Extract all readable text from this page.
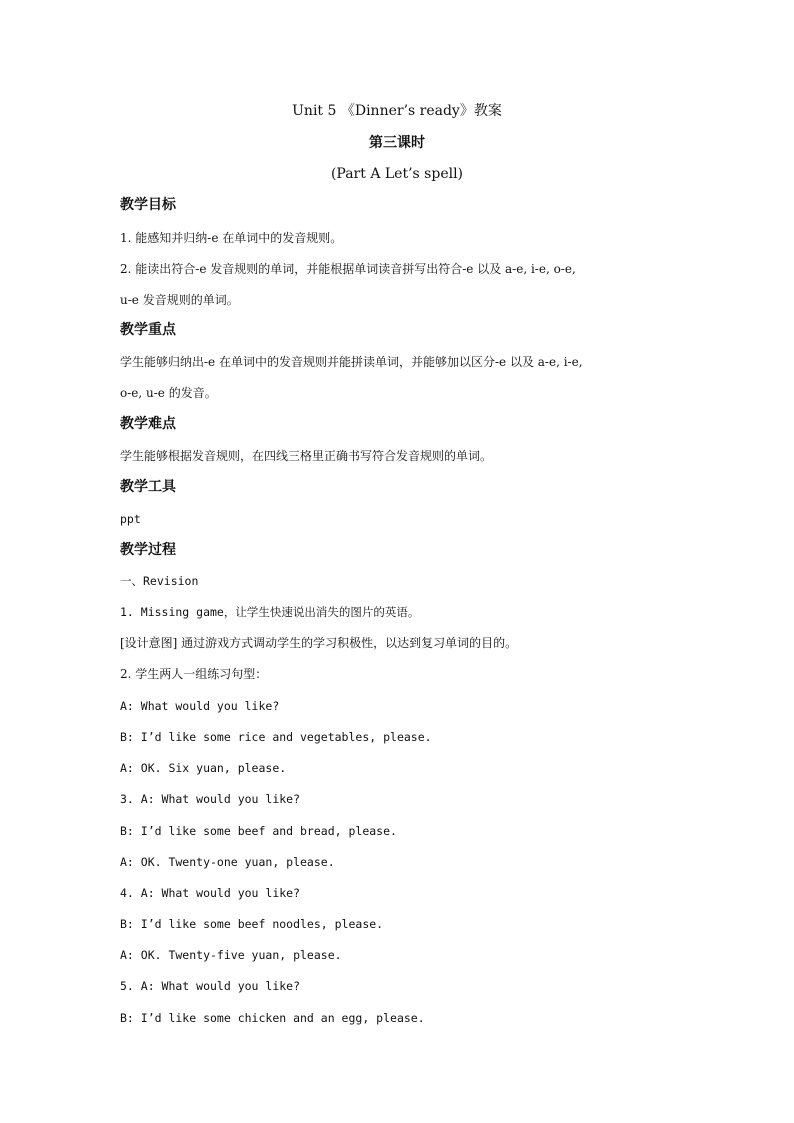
Unit 5 《Dinner’s ready》教案
第三课时
(Part A Let’s spell)
教学目标
1. 能感知并归纳-e 在单词中的发音规则。
2. 能读出符合-e 发音规则的单词，并能根据单词读音拼写出符合-e 以及 a-e, i-e, o-e,
u-e 发音规则的单词。
教学重点
学生能够归纳出-e 在单词中的发音规则并能拼读单词，并能够加以区分-e 以及 a-e, i-e,
o-e, u-e 的发音。
教学难点
学生能够根据发音规则，在四线三格里正确书写符合发音规则的单词。
教学工具
ppt
教学过程
一、Revision
1. Missing game，让学生快速说出消失的图片的英语。
[设计意图] 通过游戏方式调动学生的学习积极性，以达到复习单词的目的。
2. 学生两人一组练习句型：
A: What would you like?
B: I’d like some rice and vegetables, please.
A: OK. Six yuan, please.
3. A: What would you like?
B: I’d like some beef and bread, please.
A: OK. Twenty-one yuan, please.
4. A: What would you like?
B: I’d like some beef noodles, please.
A: OK. Twenty-five yuan, please.
5. A: What would you like?
B: I’d like some chicken and an egg, please.
